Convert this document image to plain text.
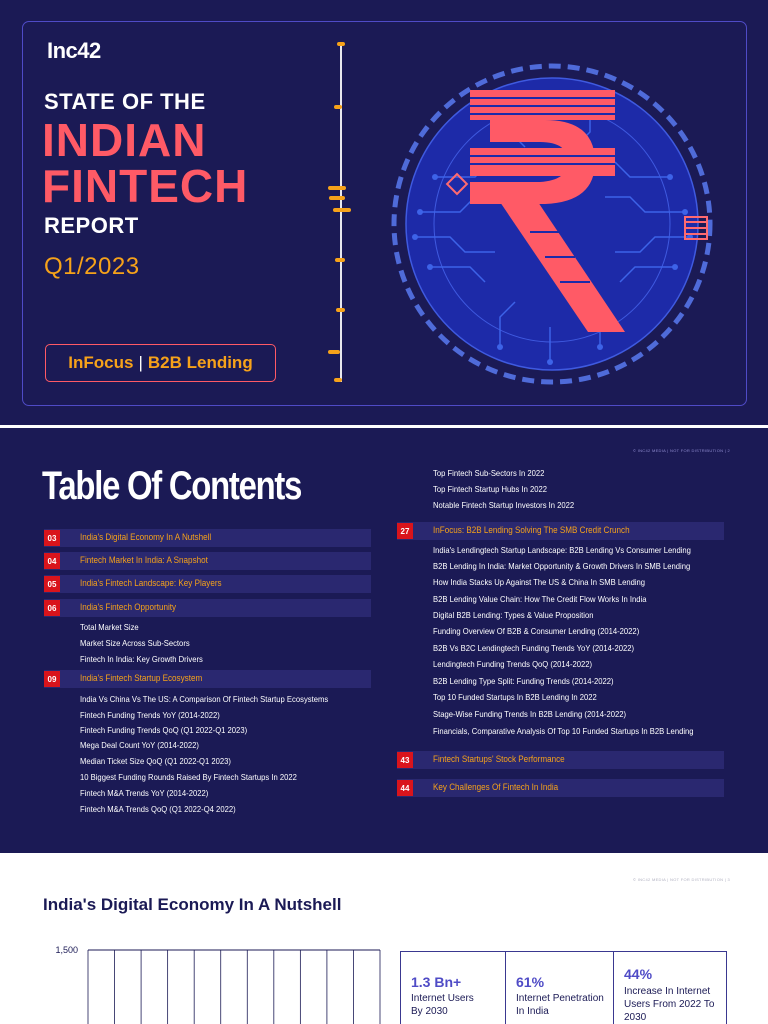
Inc42
STATE OF THE
INDIAN
FINTECH
REPORT
Q1/2023
InFocus | B2B Lending
Table Of Contents
© INC42 MEDIA | NOT FOR DISTRIBUTION | 2
03	India's Digital Economy In A Nutshell
04	Fintech Market In India: A Snapshot
05	India's Fintech Landscape: Key Players
06	India's Fintech Opportunity
Total Market Size
Market Size Across Sub-Sectors
Fintech In India: Key Growth Drivers
09	India's Fintech Startup Ecosystem
India Vs China Vs The US: A Comparison Of Fintech Startup Ecosystems
Fintech Funding Trends YoY (2014-2022)
Fintech Funding Trends QoQ (Q1 2022-Q1 2023)
Mega Deal Count YoY (2014-2022)
Median Ticket Size QoQ (Q1 2022-Q1 2023)
10 Biggest Funding Rounds Raised By Fintech Startups In 2022
Fintech M&A Trends YoY (2014-2022)
Fintech M&A Trends QoQ (Q1 2022-Q4 2022)
Top Fintech Sub-Sectors In 2022
Top Fintech Startup Hubs In 2022
Notable Fintech Startup Investors In 2022
27	InFocus: B2B Lending Solving The SMB Credit Crunch
India's Lendingtech Startup Landscape: B2B Lending Vs Consumer Lending
B2B Lending In India: Market Opportunity & Growth Drivers In SMB Lending
How India Stacks Up Against The US & China In SMB Lending
B2B Lending Value Chain: How The Credit Flow Works In India
Digital B2B Lending: Types & Value Proposition
Funding Overview Of B2B & Consumer Lending (2014-2022)
B2B Vs B2C Lendingtech Funding Trends YoY (2014-2022)
Lendingtech Funding Trends QoQ (2014-2022)
B2B Lending Type Split: Funding Trends (2014-2022)
Top 10 Funded Startups In B2B Lending In 2022
Stage-Wise Funding Trends In B2B Lending (2014-2022)
Financials, Comparative Analysis Of Top 10 Funded Startups In B2B Lending
43	Fintech Startups' Stock Performance
44	Key Challenges Of Fintech In India
© INC42 MEDIA | NOT FOR DISTRIBUTION | 3
India's Digital Economy In A Nutshell
1,500
1.3 Bn+
Internet Users
By 2030
61%
Internet Penetration
In India
44%
Increase In Internet
Users From 2022 To
2030
